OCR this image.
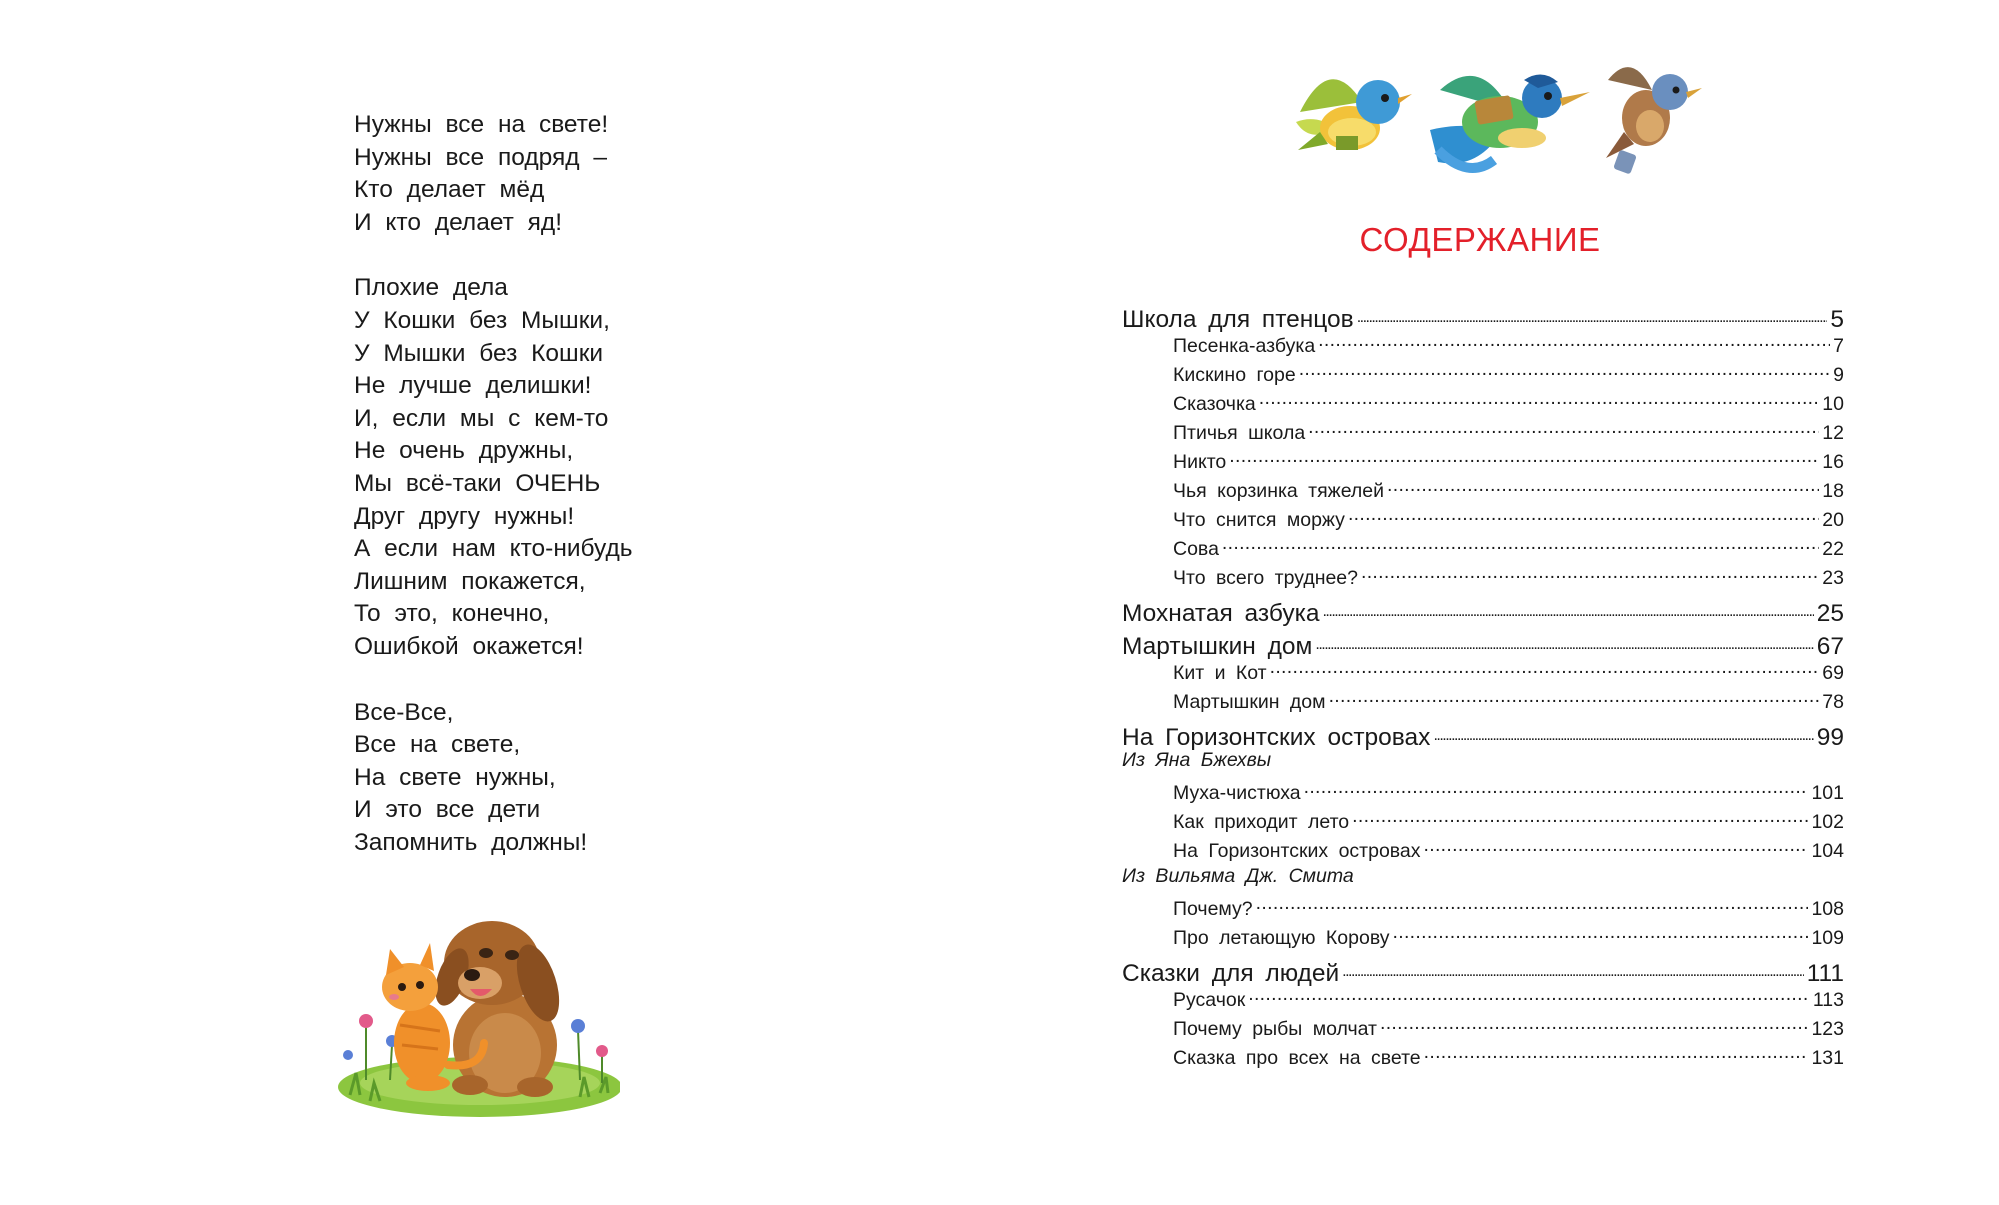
Нужны все на свете!
Нужны все подряд –
Кто делает мёд
И кто делает яд!
Плохие дела
У Кошки без Мышки,
У Мышки без Кошки
Не лучше делишки!
И, если мы с кем-то
Не очень дружны,
Мы всё-таки ОЧЕНЬ
Друг другу нужны!
А если нам кто-нибудь
Лишним покажется,
То это, конечно,
Ошибкой окажется!
Все-Все,
Все на свете,
На свете нужны,
И это все дети
Запомнить должны!
СОДЕРЖАНИЕ
Школа для птенцов .....	5
Песенка-азбука .....	7
Кискино горе .....	9
Сказочка .....	10
Птичья школа .....	12
Никто .....	16
Чья корзинка тяжелей .....	18
Что снится моржу .....	20
Сова .....	22
Что всего труднее? .....	23
Мохнатая азбука .....	25
Мартышкин дом .....	67
Кит и Кот .....	69
Мартышкин дом .....	78
На Горизонтских островах .....	99
Из Яна Бжехвы
Муха-чистюха .....	101
Как приходит лето .....	102
На Горизонтских островах .....	104
Из Вильяма Дж. Смита
Почему? .....	108
Про летающую Корову .....	109
Сказки для людей .....	111
Русачок .....	113
Почему рыбы молчат .....	123
Сказка про всех на свете .....	131
